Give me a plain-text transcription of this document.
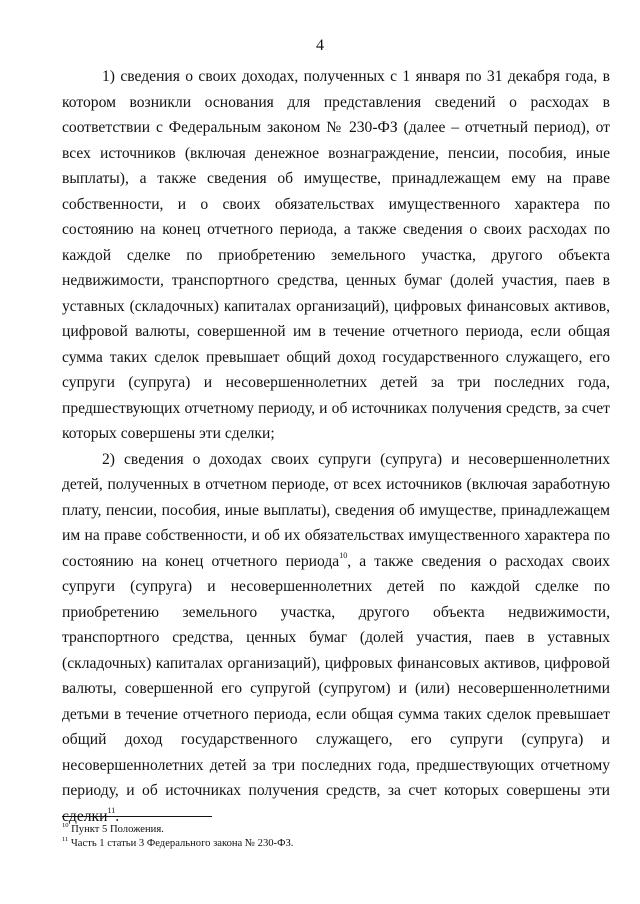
4

1) сведения о своих доходах, полученных с 1 января по 31 декабря года, в котором возникли основания для представления сведений о расходах в соответствии с Федеральным законом № 230-ФЗ (далее – отчетный период), от всех источников (включая денежное вознаграждение, пенсии, пособия, иные выплаты), а также сведения об имуществе, принадлежащем ему на праве собственности, и о своих обязательствах имущественного характера по состоянию на конец отчетного периода, а также сведения о своих расходах по каждой сделке по приобретению земельного участка, другого объекта недвижимости, транспортного средства, ценных бумаг (долей участия, паев в уставных (складочных) капиталах организаций), цифровых финансовых активов, цифровой валюты, совершенной им в течение отчетного периода, если общая сумма таких сделок превышает общий доход государственного служащего, его супруги (супруга) и несовершеннолетних детей за три последних года, предшествующих отчетному периоду, и об источниках получения средств, за счет которых совершены эти сделки;

2) сведения о доходах своих супруги (супруга) и несовершеннолетних детей, полученных в отчетном периоде, от всех источников (включая заработную плату, пенсии, пособия, иные выплаты), сведения об имуществе, принадлежащем им на праве собственности, и об их обязательствах имущественного характера по состоянию на конец отчетного периода$^{10}$, а также сведения о расходах своих супруги (супруга) и несовершеннолетних детей по каждой сделке по приобретению земельного участка, другого объекта недвижимости, транспортного средства, ценных бумаг (долей участия, паев в уставных (складочных) капиталах организаций), цифровых финансовых активов, цифровой валюты, совершенной его супругой (супругом) и (или) несовершеннолетними детьми в течение отчетного периода, если общая сумма таких сделок превышает общий доход государственного служащего, его супруги (супруга) и несовершеннолетних детей за три последних года, предшествующих отчетному периоду, и об источниках получения средств, за счет которых совершены эти сделки$^{11}$.

$^{10}$ Пункт 5 Положения.

$^{11}$ Часть 1 статьи 3 Федерального закона № 230-ФЗ.
